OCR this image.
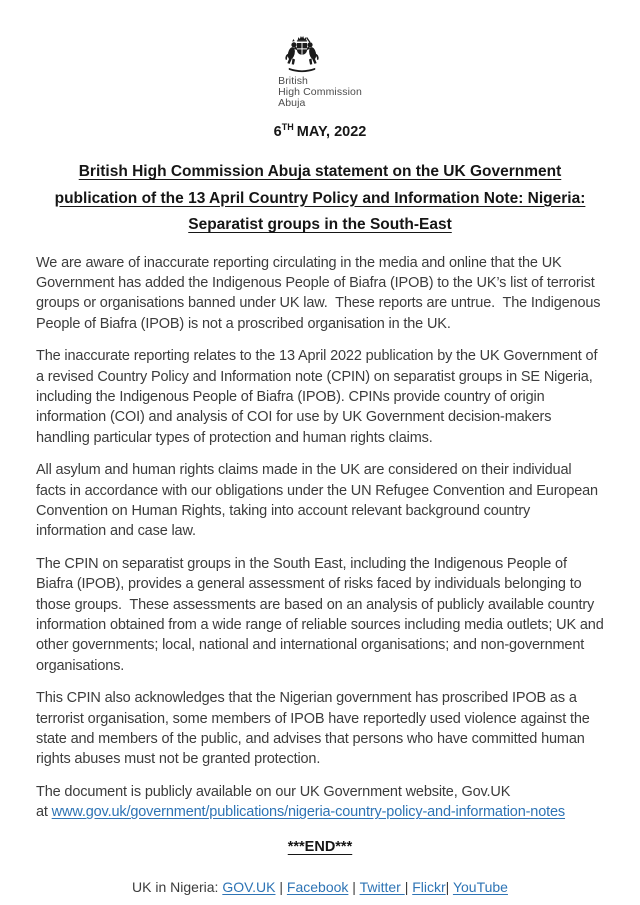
British
High Commission
Abuja
6TH MAY, 2022
British High Commission Abuja statement on the UK Government publication of the 13 April Country Policy and Information Note: Nigeria: Separatist groups in the South-East

We are aware of inaccurate reporting circulating in the media and online that the UK Government has added the Indigenous People of Biafra (IPOB) to the UK’s list of terrorist groups or organisations banned under UK law.  These reports are untrue.  The Indigenous People of Biafra (IPOB) is not a proscribed organisation in the UK.

The inaccurate reporting relates to the 13 April 2022 publication by the UK Government of a revised Country Policy and Information note (CPIN) on separatist groups in SE Nigeria, including the Indigenous People of Biafra (IPOB). CPINs provide country of origin information (COI) and analysis of COI for use by UK Government decision-makers handling particular types of protection and human rights claims.

All asylum and human rights claims made in the UK are considered on their individual facts in accordance with our obligations under the UN Refugee Convention and European Convention on Human Rights, taking into account relevant background country information and case law.

The CPIN on separatist groups in the South East, including the Indigenous People of Biafra (IPOB), provides a general assessment of risks faced by individuals belonging to those groups.  These assessments are based on an analysis of publicly available country information obtained from a wide range of reliable sources including media outlets; UK and other governments; local, national and international organisations; and non-government organisations.

This CPIN also acknowledges that the Nigerian government has proscribed IPOB as a terrorist organisation, some members of IPOB have reportedly used violence against the state and members of the public, and advises that persons who have committed human rights abuses must not be granted protection.

The document is publicly available on our UK Government website, Gov.UK
at www.gov.uk/government/publications/nigeria-country-policy-and-information-notes

***END***
UK in Nigeria: GOV.UK | Facebook | Twitter | Flickr| YouTube
